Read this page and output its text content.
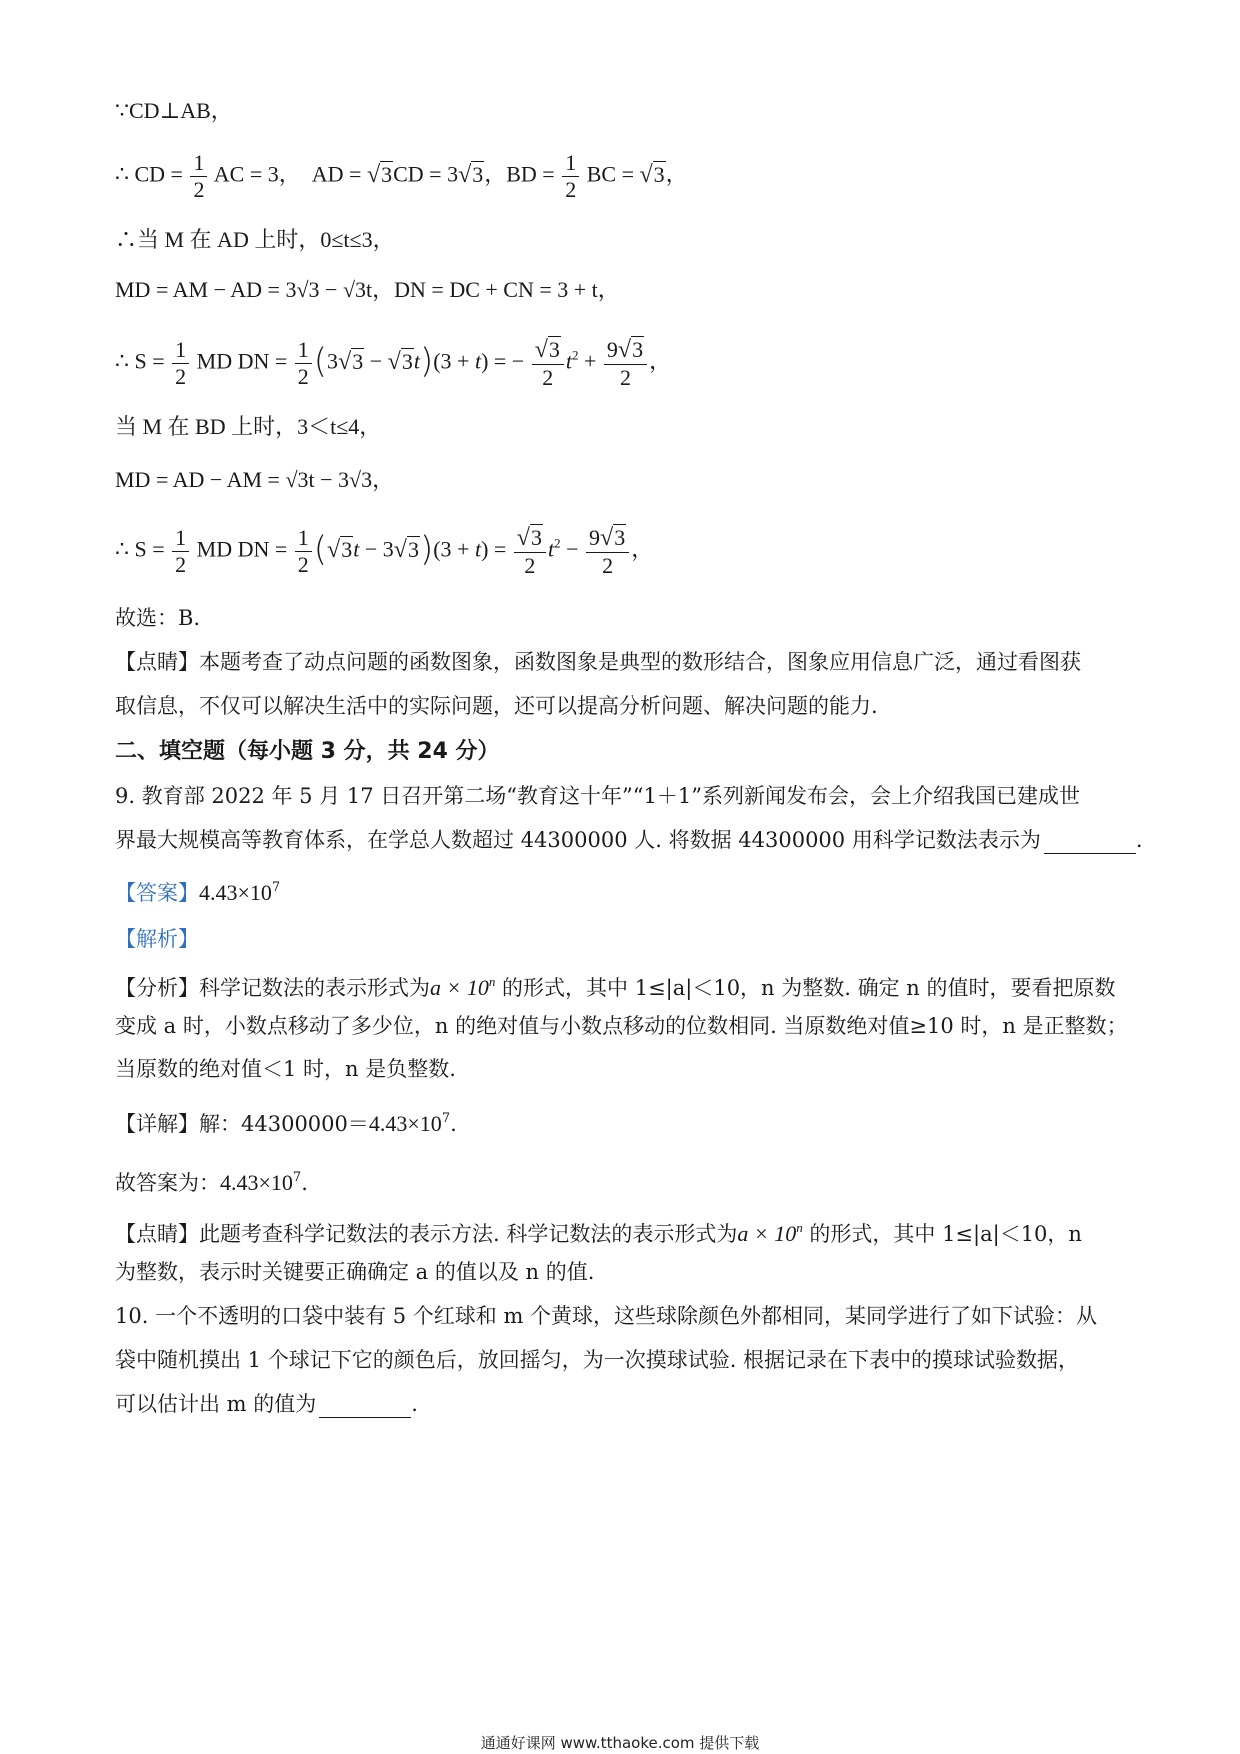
∵CD⊥AB，
∴ CD = $\frac{1}{2}$ AC = 3， AD = √3CD = 3√3，BD = $\frac{1}{2}$ BC = √3，
∴当 M 在 AD 上时，0≤t≤3，
MD = AM − AD = 3√3 − √3t，DN = DC + CN = 3 + t，
∴ $S = \frac{1}{2}$ MD DN = $\frac{1}{2} (3√3 - √3t)(3 + t)$ = − $\frac{√3}{2} t^2 + \frac{9√3}{2}$ ，
当 M 在 BD 上时，3＜t≤4，
MD = AD − AM = √3t − 3√3，
∴ $S = \frac{1}{2}$ MD DN = $\frac{1}{2} (√3t - 3√3)(3 + t) = \frac{√3}{2} t^2 - \frac{9√3}{2}$ ，
故选：B.
【点睛】本题考查了动点问题的函数图象，函数图象是典型的数形结合，图象应用信息广泛，通过看图获
取信息，不仅可以解决生活中的实际问题，还可以提高分析问题、解决问题的能力.
二、填空题（每小题 3 分，共 24 分）
9. 教育部 2022 年 5 月 17 日召开第二场“教育这十年”“1＋1”系列新闻发布会，会上介绍我国已建成世
界最大规模高等教育体系，在学总人数超过 44300000 人. 将数据 44300000 用科学记数法表示为	.
【答案】$4.43\times 10^7$
【解析】
【分析】科学记数法的表示形式为$a \times 10^n$ 的形式，其中 1≤|a|＜10，n 为整数. 确定 n 的值时，要看把原数
变成 a 时，小数点移动了多少位，n 的绝对值与小数点移动的位数相同. 当原数绝对值≥10 时，n 是正整数；
当原数的绝对值＜1 时，n 是负整数.
【详解】解：$44300000=4.43\times 10^7$.
故答案为：$4.43\times 10^7$.
【点睛】此题考查科学记数法的表示方法. 科学记数法的表示形式为$a \times 10^n$ 的形式，其中 1≤|a|＜10，n
为整数，表示时关键要正确确定 a 的值以及 n 的值.
10. 一个不透明的口袋中装有 5 个红球和 m 个黄球，这些球除颜色外都相同，某同学进行了如下试验：从
袋中随机摸出 1 个球记下它的颜色后，放回摇匀，为一次摸球试验. 根据记录在下表中的摸球试验数据，
可以估计出 m 的值为	.
通通好课网 www.tthaoke.com 提供下载
